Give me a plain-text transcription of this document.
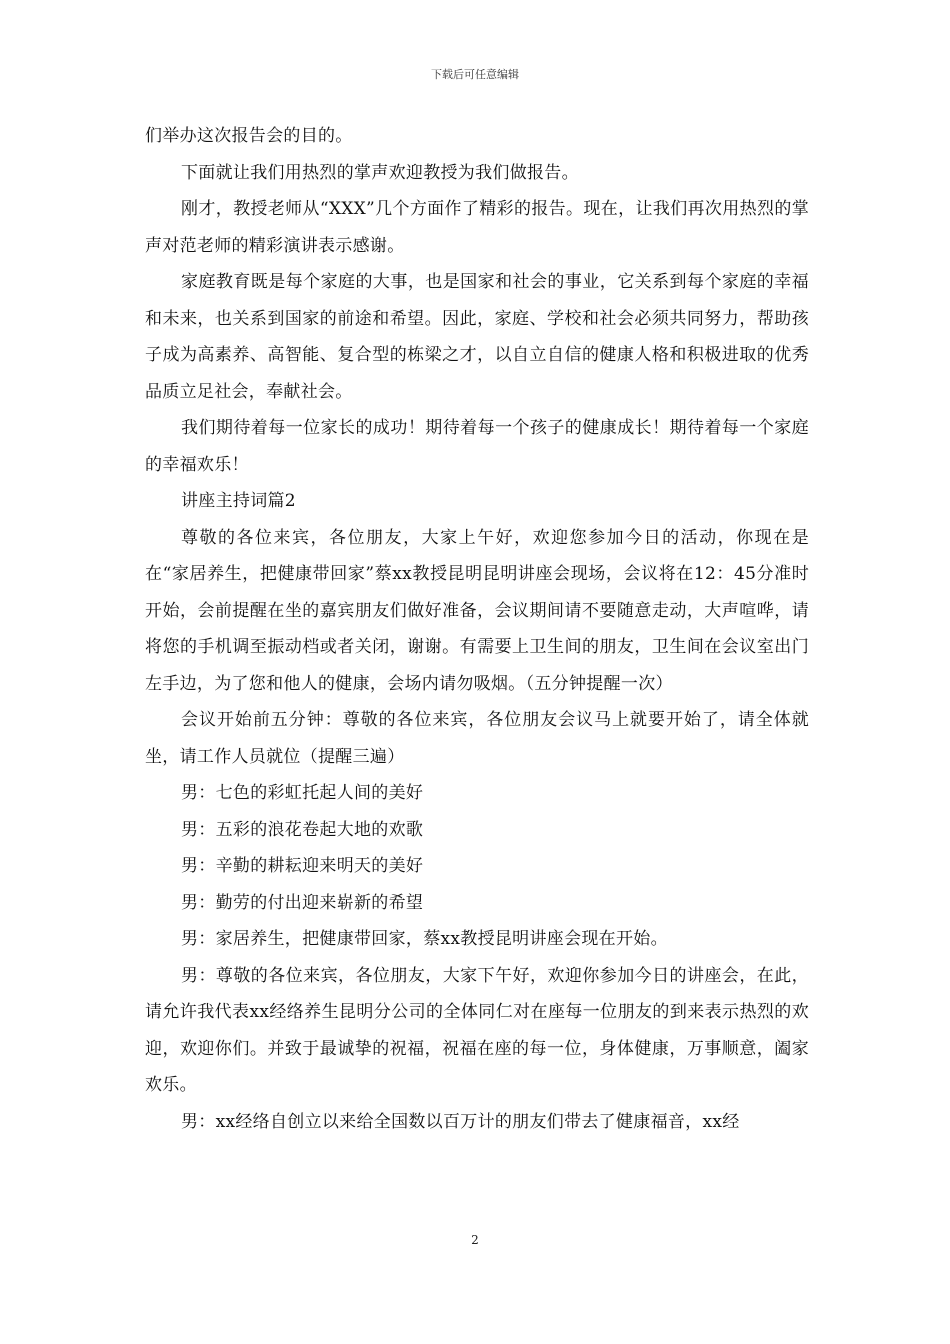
下载后可任意编辑

们举办这次报告会的目的。

下面就让我们用热烈的掌声欢迎教授为我们做报告。

刚才，教授老师从“XXX”几个方面作了精彩的报告。现在，让我们再次用热烈的掌声对范老师的精彩演讲表示感谢。

家庭教育既是每个家庭的大事，也是国家和社会的事业，它关系到每个家庭的幸福和未来，也关系到国家的前途和希望。因此，家庭、学校和社会必须共同努力，帮助孩子成为高素养、高智能、复合型的栋梁之才，以自立自信的健康人格和积极进取的优秀品质立足社会，奉献社会。

我们期待着每一位家长的成功！期待着每一个孩子的健康成长！期待着每一个家庭的幸福欢乐！

讲座主持词篇2

尊敬的各位来宾，各位朋友，大家上午好，欢迎您参加今日的活动，你现在是在“家居养生，把健康带回家”蔡xx教授昆明昆明讲座会现场，会议将在12：45分准时开始，会前提醒在坐的嘉宾朋友们做好准备，会议期间请不要随意走动，大声喧哗，请将您的手机调至振动档或者关闭，谢谢。有需要上卫生间的朋友，卫生间在会议室出门左手边，为了您和他人的健康，会场内请勿吸烟。（五分钟提醒一次）

会议开始前五分钟：尊敬的各位来宾，各位朋友会议马上就要开始了，请全体就坐，请工作人员就位（提醒三遍）

男：七色的彩虹托起人间的美好

男：五彩的浪花卷起大地的欢歌

男：辛勤的耕耘迎来明天的美好

男：勤劳的付出迎来崭新的希望

男：家居养生，把健康带回家，蔡xx教授昆明讲座会现在开始。

男：尊敬的各位来宾，各位朋友，大家下午好，欢迎你参加今日的讲座会，在此，请允许我代表xx经络养生昆明分公司的全体同仁对在座每一位朋友的到来表示热烈的欢迎，欢迎你们。并致于最诚挚的祝福，祝福在座的每一位，身体健康，万事顺意，阖家欢乐。

男：xx经络自创立以来给全国数以百万计的朋友们带去了健康福音，xx经

2
